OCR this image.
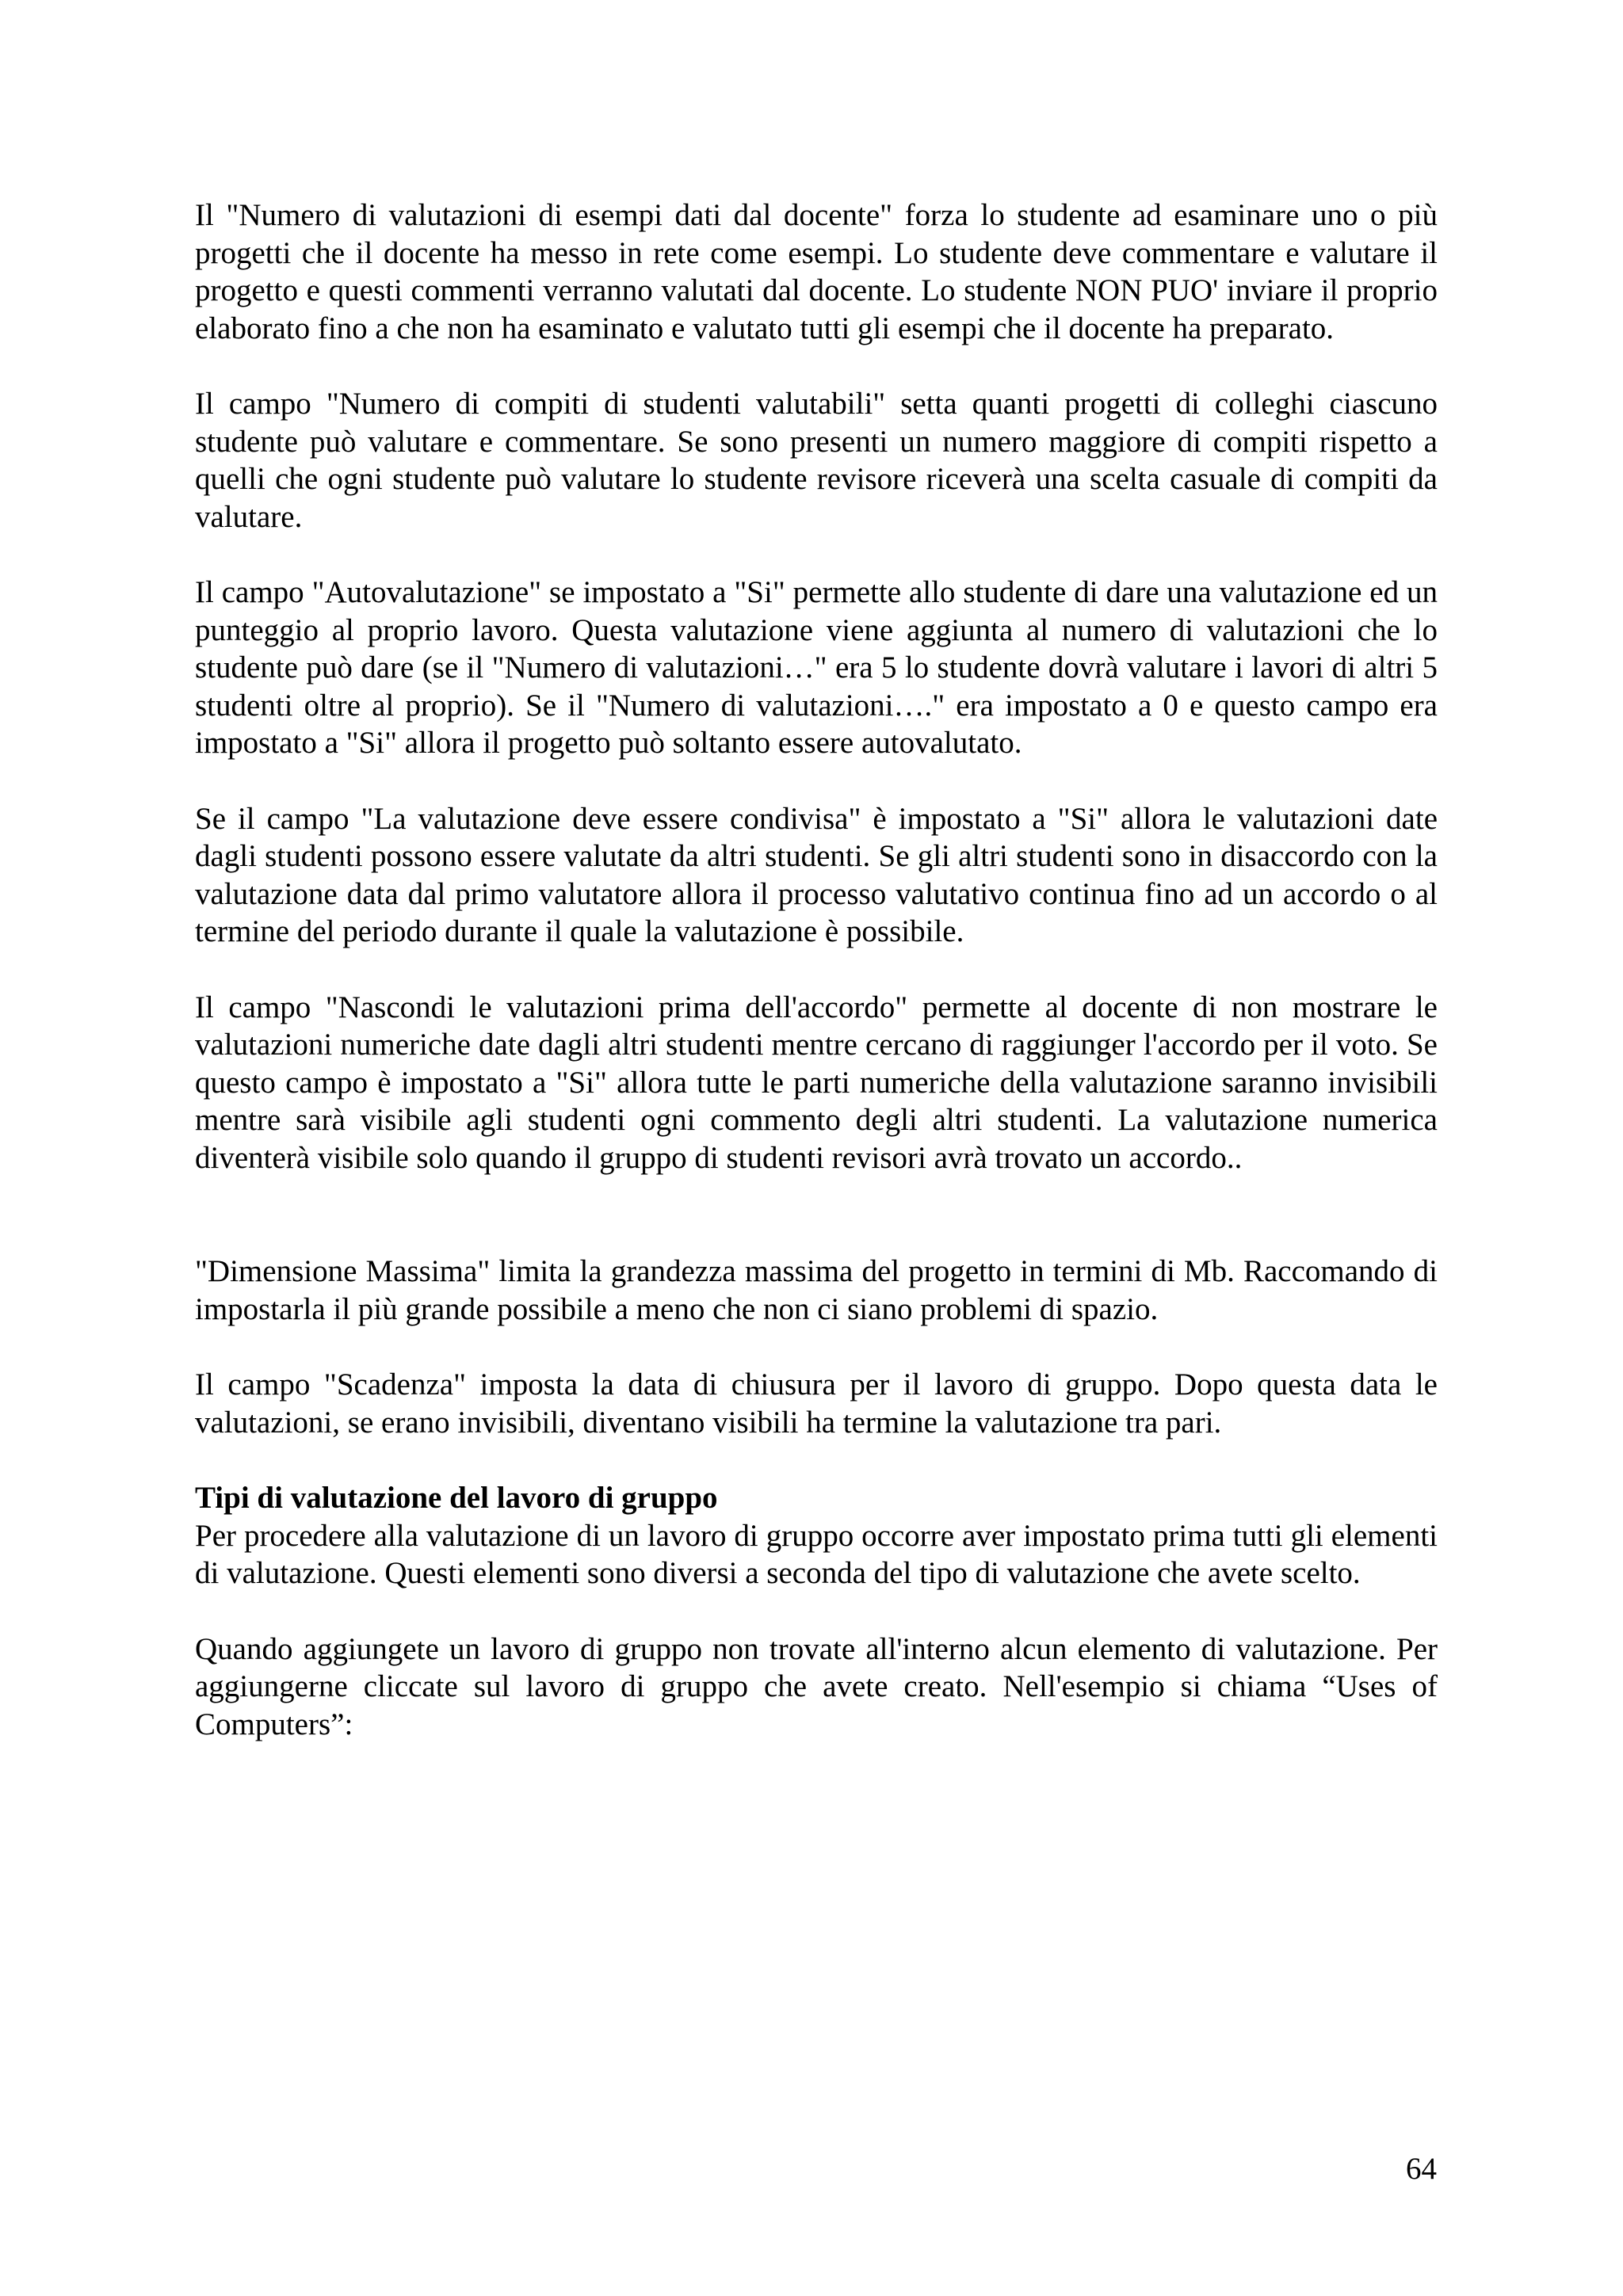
Il "Numero di valutazioni di esempi dati dal docente" forza lo studente ad esaminare uno o più progetti che il docente ha messo in rete come esempi. Lo studente deve commentare e valutare il progetto e questi commenti verranno valutati dal docente. Lo studente NON PUO' inviare il proprio elaborato fino a che non ha esaminato e valutato tutti gli esempi che il docente ha preparato.

Il campo "Numero di compiti di studenti valutabili" setta quanti progetti di colleghi ciascuno studente può valutare e commentare. Se sono presenti un numero maggiore di compiti rispetto a quelli che ogni studente può valutare lo studente revisore riceverà una scelta casuale di compiti da valutare.

Il campo "Autovalutazione" se impostato a "Si" permette allo studente di dare una valutazione ed un punteggio al proprio lavoro. Questa valutazione viene aggiunta al numero di valutazioni che lo studente può dare (se il "Numero di valutazioni…" era 5 lo studente dovrà valutare i lavori di altri 5 studenti oltre al proprio). Se il "Numero di valutazioni…." era impostato a 0 e questo campo era impostato a "Si" allora il progetto può soltanto essere autovalutato.

Se il campo "La valutazione deve essere condivisa" è impostato a "Si" allora le valutazioni date dagli studenti possono essere valutate da altri studenti. Se gli altri studenti sono in disaccordo con la valutazione data dal primo valutatore allora il processo valutativo continua fino ad un accordo o al termine del periodo durante il quale la valutazione è possibile.

Il campo "Nascondi le valutazioni prima dell'accordo" permette al docente di non mostrare le valutazioni numeriche date dagli altri studenti mentre cercano di raggiunger l'accordo per il voto. Se questo campo è impostato a "Si" allora tutte le parti numeriche della valutazione saranno invisibili mentre sarà visibile agli studenti ogni commento degli altri studenti. La valutazione numerica diventerà visibile solo quando il gruppo di studenti revisori avrà trovato un accordo..

"Dimensione Massima" limita la grandezza massima del progetto in termini di Mb. Raccomando di impostarla il più grande possibile a meno che non ci siano problemi di spazio.

Il campo "Scadenza" imposta la data di chiusura per il lavoro di gruppo. Dopo questa data le valutazioni, se erano invisibili, diventano visibili ha termine la valutazione tra pari.

Tipi di valutazione del lavoro di gruppo

Per procedere alla valutazione di un lavoro di gruppo occorre aver impostato prima tutti gli elementi di valutazione. Questi elementi sono diversi a seconda del tipo di valutazione che avete scelto.

Quando aggiungete un lavoro di gruppo non trovate all'interno alcun elemento di valutazione. Per aggiungerne cliccate sul lavoro di gruppo che avete creato. Nell'esempio si chiama “Uses of Computers”:

64
